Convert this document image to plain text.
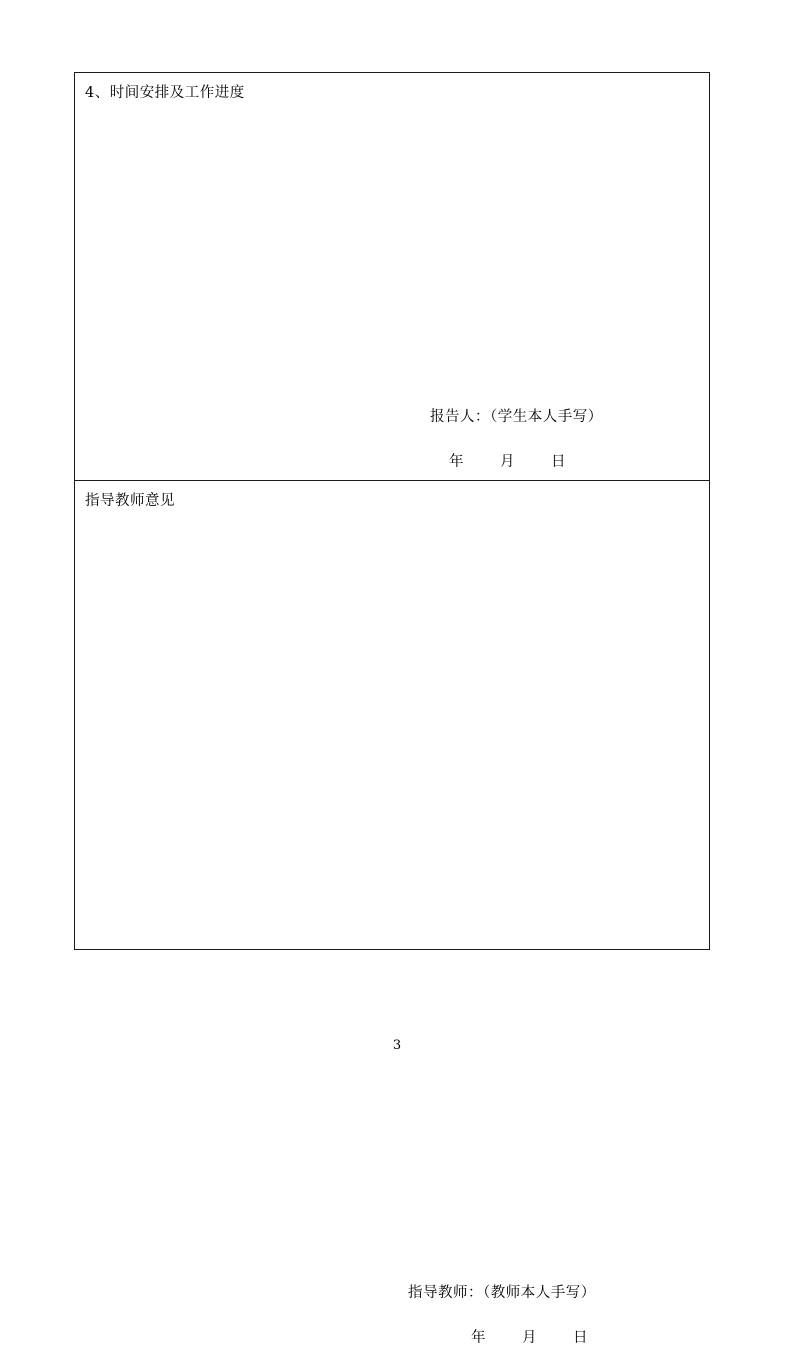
4、时间安排及工作进度
报告人：（学生本人手写）
年 月 日
指导教师意见
指导教师：（教师本人手写）
年 月 日
3
